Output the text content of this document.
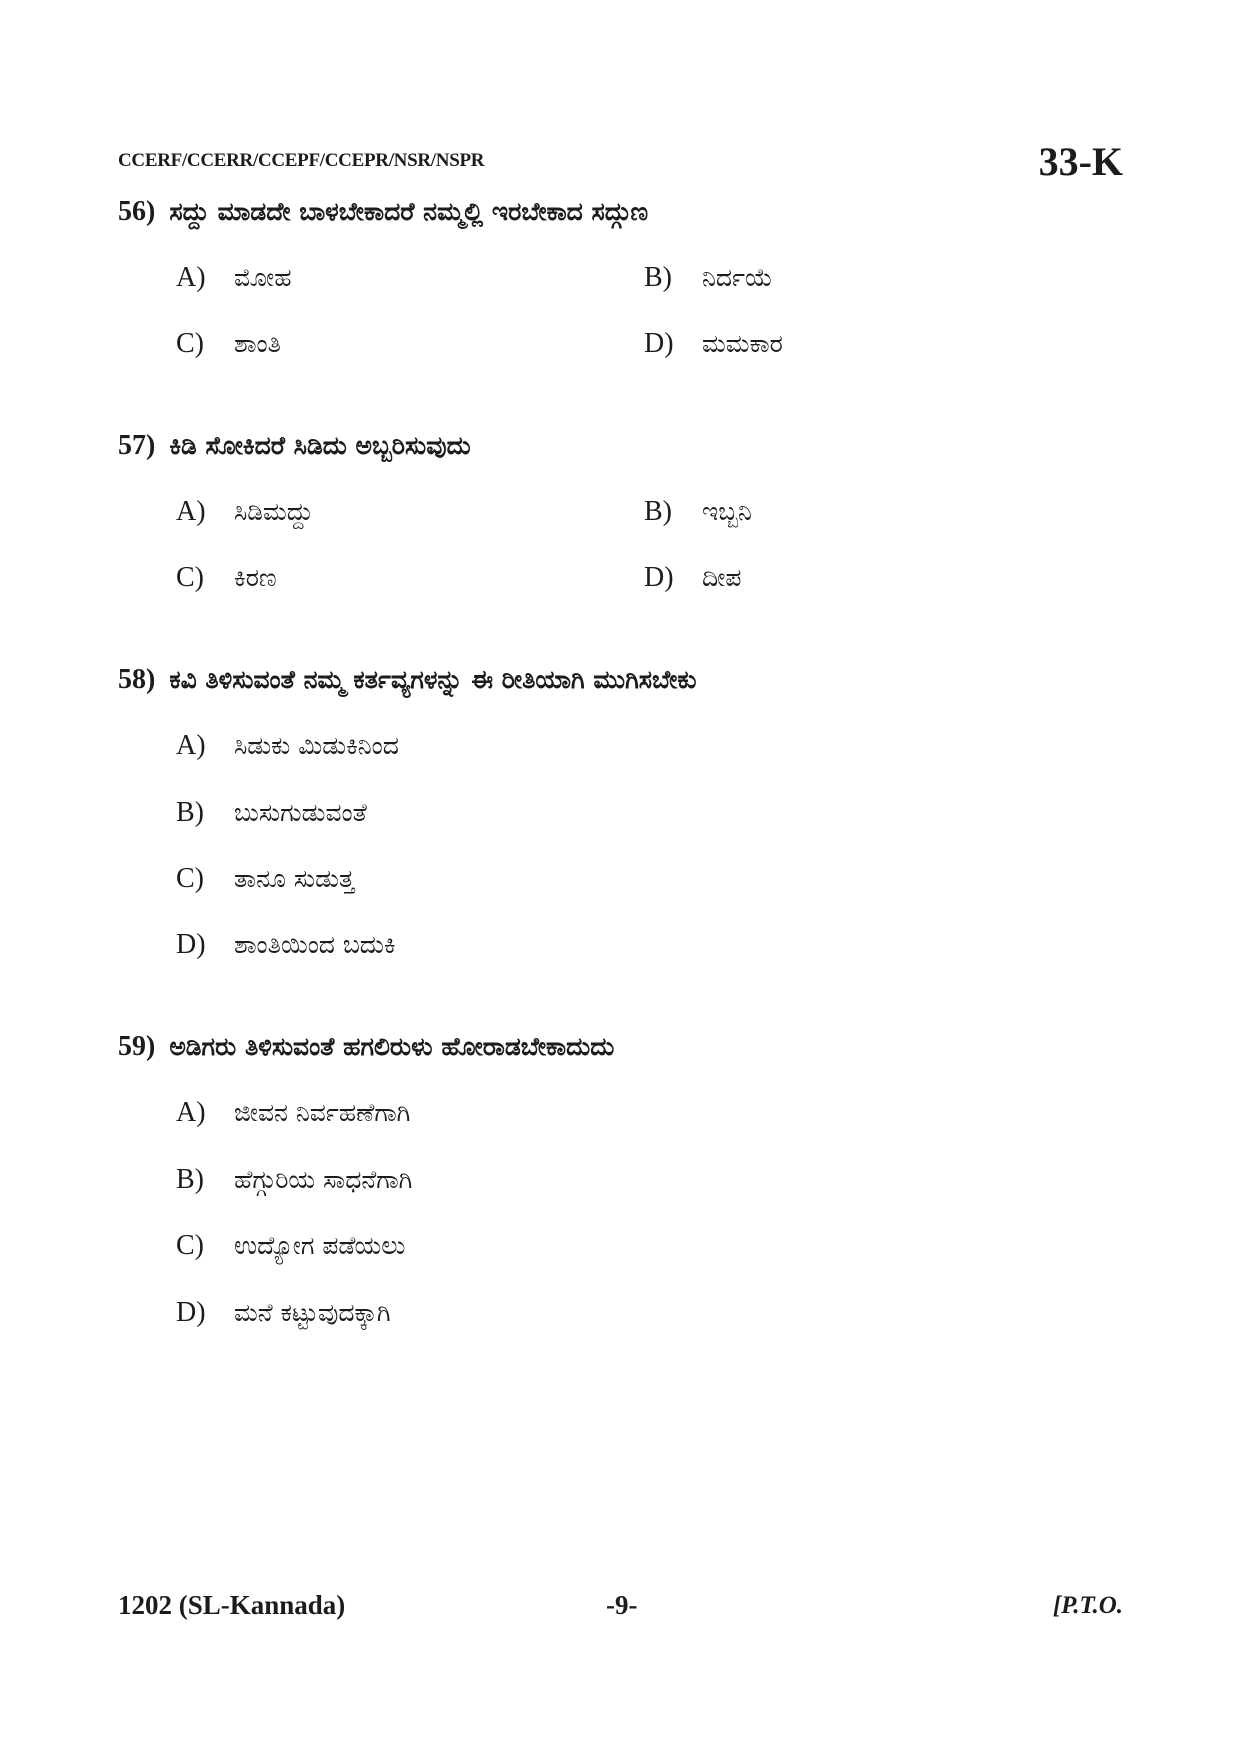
CCERF/CCERR/CCEPF/CCEPR/NSR/NSPR	33-K
56) ಸದ್ದು ಮಾಡದೇ ಬಾಳಬೇಕಾದರೆ ನಮ್ಮಲ್ಲಿ ಇರಬೇಕಾದ ಸದ್ಗುಣ
A) ಮೋಹ	B) ನಿರ್ದಯೆ
C) ಶಾಂತಿ	D) ಮಮಕಾರ
57) ಕಿಡಿ ಸೋಕಿದರೆ ಸಿಡಿದು ಅಬ್ಬರಿಸುವುದು
A) ಸಿಡಿಮದ್ದು	B) ಇಬ್ಬನಿ
C) ಕಿರಣ	D) ದೀಪ
58) ಕವಿ ತಿಳಿಸುವಂತೆ ನಮ್ಮ ಕರ್ತವ್ಯಗಳನ್ನು ಈ ರೀತಿಯಾಗಿ ಮುಗಿಸಬೇಕು
A) ಸಿಡುಕು ಮಿಡುಕಿನಿಂದ
B) ಬುಸುಗುಡುವಂತೆ
C) ತಾನೂ ಸುಡುತ್ತ
D) ಶಾಂತಿಯಿಂದ ಬದುಕಿ
59) ಅಡಿಗರು ತಿಳಿಸುವಂತೆ ಹಗಲಿರುಳು ಹೋರಾಡಬೇಕಾದುದು
A) ಜೀವನ ನಿರ್ವಹಣೆಗಾಗಿ
B) ಹೆಗ್ಗುರಿಯ ಸಾಧನೆಗಾಗಿ
C) ಉದ್ಯೋಗ ಪಡೆಯಲು
D) ಮನೆ ಕಟ್ಟುವುದಕ್ಕಾಗಿ
1202 (SL-Kannada)	-9-	[P.T.O.
